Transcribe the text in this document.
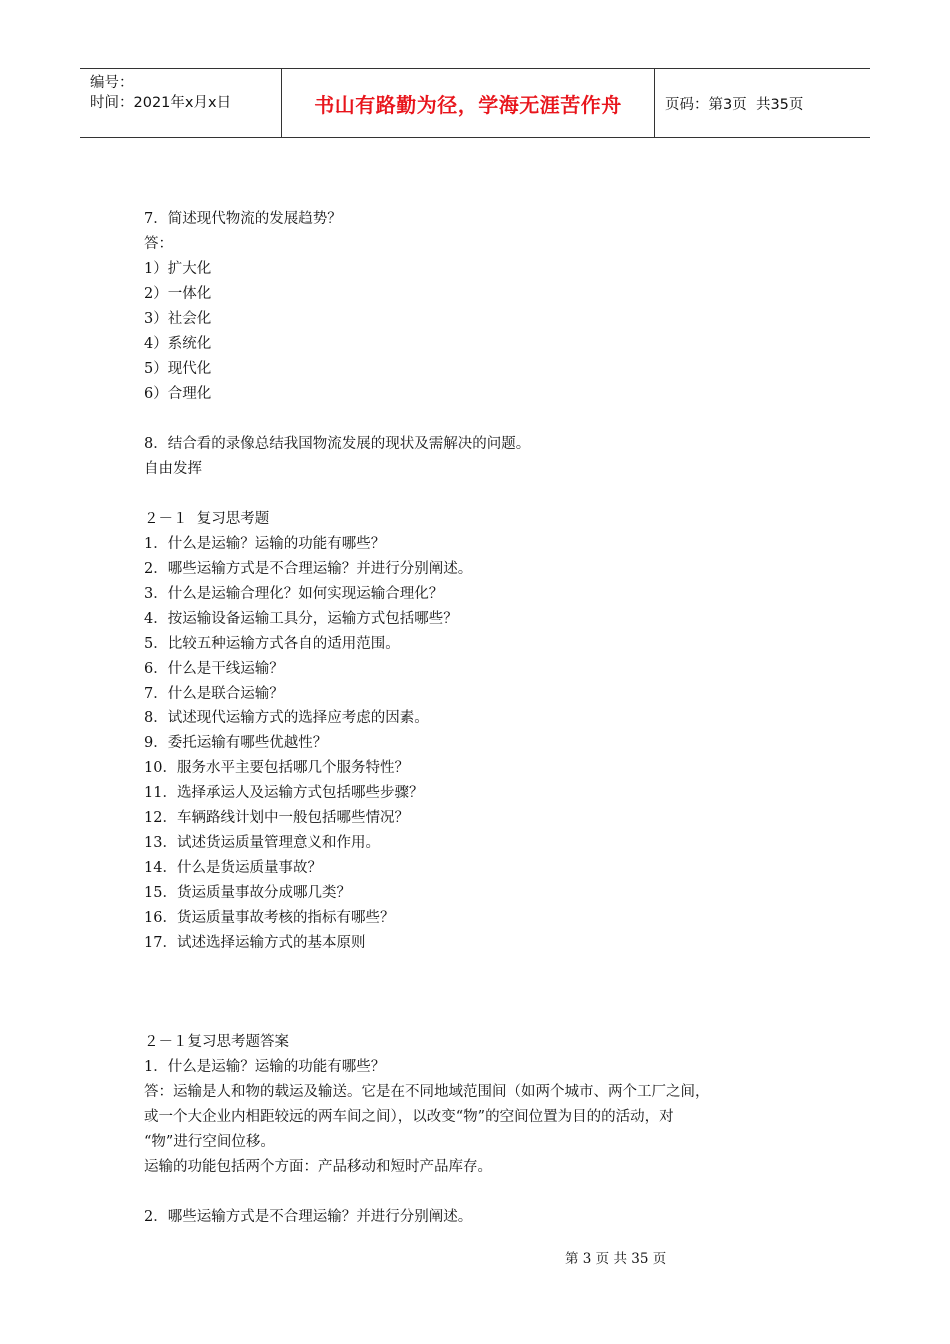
编号：
时间：2021年x月x日	书山有路勤为径，学海无涯苦作舟	页码：第3页  共35页
7．简述现代物流的发展趋势？
答：
1）扩大化
2）一体化
3）社会化
4）系统化
5）现代化
6）合理化
8．结合看的录像总结我国物流发展的现状及需解决的问题。
自由发挥
２－１  复习思考题
1．什么是运输？运输的功能有哪些？
2．哪些运输方式是不合理运输？并进行分别阐述。
3．什么是运输合理化？如何实现运输合理化？
4．按运输设备运输工具分，运输方式包括哪些？
5．比较五种运输方式各自的适用范围。
6．什么是干线运输？
7．什么是联合运输？
8．试述现代运输方式的选择应考虑的因素。
9．委托运输有哪些优越性？
10．服务水平主要包括哪几个服务特性？
11．选择承运人及运输方式包括哪些步骤？
12．车辆路线计划中一般包括哪些情况？
13．试述货运质量管理意义和作用。
14．什么是货运质量事故？
15．货运质量事故分成哪几类？
16．货运质量事故考核的指标有哪些？
17．试述选择运输方式的基本原则
２－１复习思考题答案
1．什么是运输？运输的功能有哪些？
答：运输是人和物的载运及输送。它是在不同地域范围间（如两个城市、两个工厂之间，
或一个大企业内相距较远的两车间之间），以改变“物”的空间位置为目的的活动，对
“物”进行空间位移。
运输的功能包括两个方面：产品移动和短时产品库存。
2．哪些运输方式是不合理运输？并进行分别阐述。
第 3 页 共 35 页
